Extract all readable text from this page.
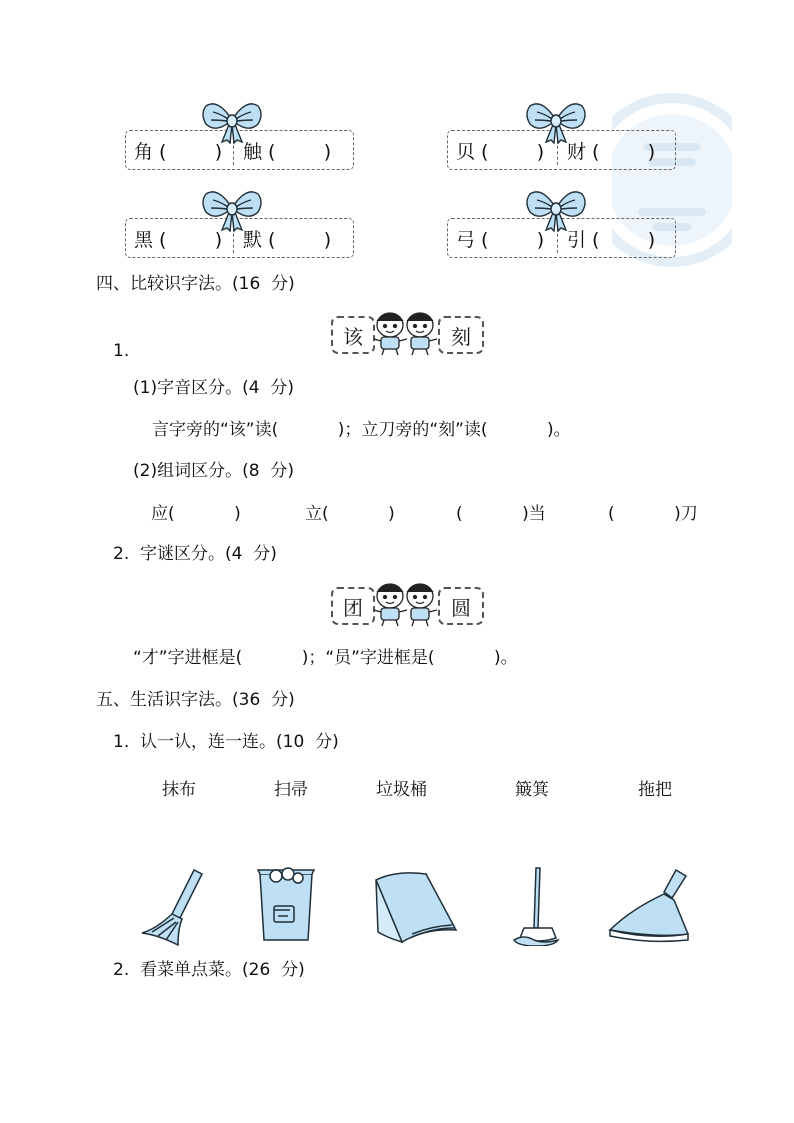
角 (        ) 触 (        )	贝 (        ) 财 (        )
黑 (        ) 默 (        )	弓 (        ) 引 (        )
四、比较识字法。(16  分)
1.
该	刻
(1)字音区分。(4  分)
言字旁的“该”读(           )；立刀旁的“刻”读(           )。
(2)组词区分。(8  分)
应(           )	立(           )	(           )当	(           )刀
2.  字谜区分。(4  分)
团	圆
“才”字进框是(           )；“员”字进框是(           )。
五、生活识字法。(36  分)
1.  认一认，连一连。(10  分)
抹布	扫帚	垃圾桶	簸箕	拖把
2.  看菜单点菜。(26  分)
